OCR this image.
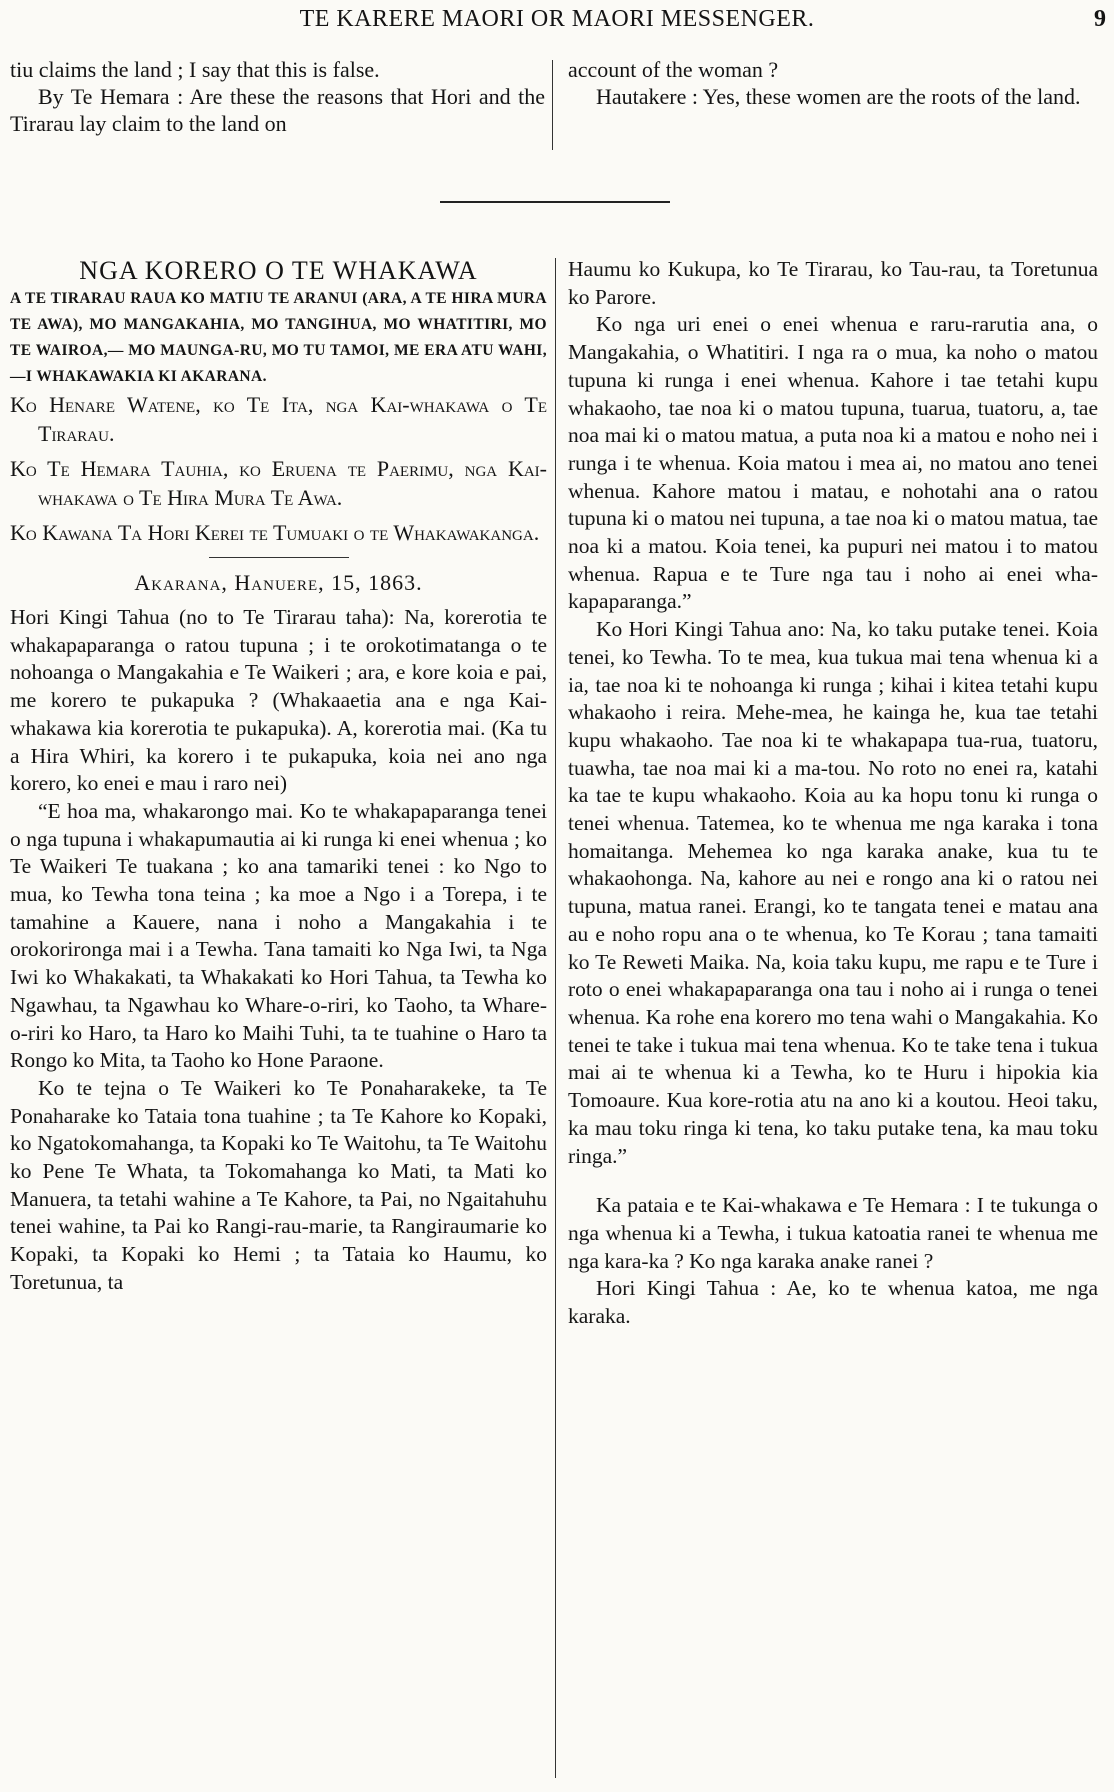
TE KARERE MAORI OR MAORI MESSENGER.	9

tiu claims the land ; I say that this is false.

By Te Hemara : Are these the reasons that Hori and the Tirarau lay claim to the land on

account of the woman ?

Hautakere : Yes, these women are the roots of the land.

NGA KORERO O TE WHAKAWA

A TE TIRARAU RAUA KO MATIU TE ARANUI (ARA, A TE HIRA MURA TE AWA), MO MANGAKAHIA, MO TANGIHUA, MO WHATITIRI, MO TE WAIROA,— MO MAUNGA-RU, MO TU TAMOI, ME ERA ATU WAHI,—I WHAKAWAKIA KI AKARANA.

Ko Henare Watene, ko Te Ita, nga Kai-whakawa o Te Tirarau.

Ko Te Hemara Tauhia, ko Eruena te Paerimu, nga Kai-whakawa o Te Hira Mura Te Awa.

Ko Kawana Ta Hori Kerei te Tumuaki o te Whakawakanga.

Akarana, Hanuere, 15, 1863.

Hori Kingi Tahua (no to Te Tirarau taha): Na, korerotia te whakapaparanga o ratou tupuna ; i te orokotimatanga o te nohoanga o Mangakahia e Te Waikeri ; ara, e kore koia e pai, me korero te pukapuka ? (Whakaaetia ana e nga Kai-whakawa kia korerotia te pukapuka). A, korerotia mai. (Ka tu a Hira Whiri, ka korero i te pukapuka, koia nei ano nga korero, ko enei e mau i raro nei)

“E hoa ma, whakarongo mai. Ko te whakapaparanga tenei o nga tupuna i whakapumautia ai ki runga ki enei whenua ; ko Te Waikeri Te tuakana ; ko ana tamariki tenei : ko Ngo to mua, ko Tewha tona teina ; ka moe a Ngo i a Torepa, i te tamahine a Kauere, nana i noho a Mangakahia i te orokorironga mai i a Tewha. Tana tamaiti ko Nga Iwi, ta Nga Iwi ko Whakakati, ta Whakakati ko Hori Tahua, ta Tewha ko Ngawhau, ta Ngawhau ko Whare-o-riri, ko Taoho, ta Whare-o-riri ko Haro, ta Haro ko Maihi Tuhi, ta te tuahine o Haro ta Rongo ko Mita, ta Taoho ko Hone Paraone.

Ko te tejna o Te Waikeri ko Te Ponaharakeke, ta Te Ponaharake ko Tataia tona tuahine ; ta Te Kahore ko Kopaki, ko Ngatokomahanga, ta Kopaki ko Te Waitohu, ta Te Waitohu ko Pene Te Whata, ta Tokomahanga ko Mati, ta Mati ko Manuera, ta tetahi wahine a Te Kahore, ta Pai, no Ngaitahuhu tenei wahine, ta Pai ko Rangi-rau-marie, ta Rangiraumarie ko Kopaki, ta Kopaki ko Hemi ; ta Tataia ko Haumu, ko Toretunua, ta

Haumu ko Kukupa, ko Te Tirarau, ko Tau-rau, ta Toretunua ko Parore.

Ko nga uri enei o enei whenua e raru-rarutia ana, o Mangakahia, o Whatitiri. I nga ra o mua, ka noho o matou tupuna ki runga i enei whenua. Kahore i tae tetahi kupu whakaoho, tae noa ki o matou tupuna, tuarua, tuatoru, a, tae noa mai ki o matou matua, a puta noa ki a matou e noho nei i runga i te whenua. Koia matou i mea ai, no matou ano tenei whenua. Kahore matou i matau, e nohotahi ana o ratou tupuna ki o matou nei tupuna, a tae noa ki o matou matua, tae noa ki a matou. Koia tenei, ka pupuri nei matou i to matou whenua. Rapua e te Ture nga tau i noho ai enei wha-kapaparanga.”

Ko Hori Kingi Tahua ano: Na, ko taku putake tenei. Koia tenei, ko Tewha. To te mea, kua tukua mai tena whenua ki a ia, tae noa ki te nohoanga ki runga ; kihai i kitea tetahi kupu whakaoho i reira. Mehe-mea, he kainga he, kua tae tetahi kupu whakaoho. Tae noa ki te whakapapa tua-rua, tuatoru, tuawha, tae noa mai ki a ma-tou. No roto no enei ra, katahi ka tae te kupu whakaoho. Koia au ka hopu tonu ki runga o tenei whenua. Tatemea, ko te whenua me nga karaka i tona homaitanga. Mehemea ko nga karaka anake, kua tu te whakaohonga. Na, kahore au nei e rongo ana ki o ratou nei tupuna, matua ranei. Erangi, ko te tangata tenei e matau ana au e noho ropu ana o te whenua, ko Te Korau ; tana tamaiti ko Te Reweti Maika. Na, koia taku kupu, me rapu e te Ture i roto o enei whakapaparanga ona tau i noho ai i runga o tenei whenua. Ka rohe ena korero mo tena wahi o Mangakahia. Ko tenei te take i tukua mai tena whenua. Ko te take tena i tukua mai ai te whenua ki a Tewha, ko te Huru i hipokia kia Tomoaure. Kua kore-rotia atu na ano ki a koutou. Heoi taku, ka mau toku ringa ki tena, ko taku putake tena, ka mau toku ringa.”

Ka pataia e te Kai-whakawa e Te Hemara : I te tukunga o nga whenua ki a Tewha, i tukua katoatia ranei te whenua me nga kara-ka ? Ko nga karaka anake ranei ?

Hori Kingi Tahua : Ae, ko te whenua katoa, me nga karaka.
